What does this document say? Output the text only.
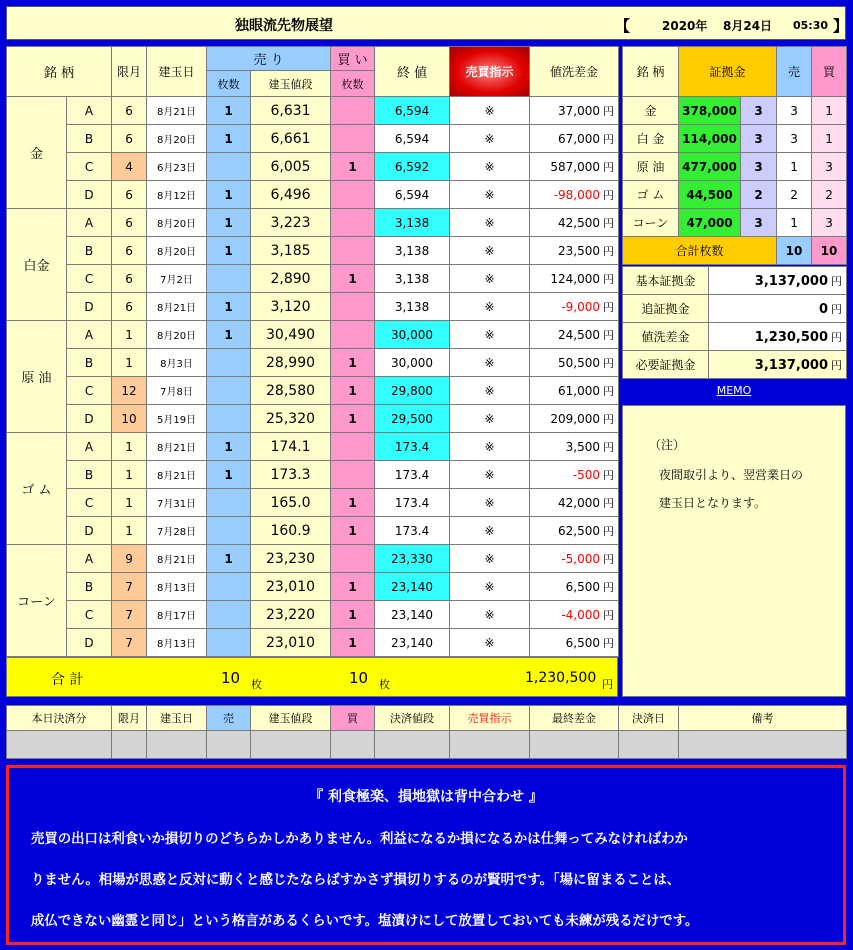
独眼流先物展望	【	2020年 8月24日 05:30 】
銘 柄		限月	建玉日	売 り		買 い	終 値	売買指示	値洗差金
				枚数	建玉値段	枚数			
金	A	6	8月21日	1	6,631		6,594	※	37,000 円
	B	6	8月20日	1	6,661		6,594	※	67,000 円
	C	4	6月23日		6,005	1	6,592	※	587,000 円
	D	6	8月12日	1	6,496		6,594	※	-98,000 円
白金	A	6	8月20日	1	3,223		3,138	※	42,500 円
	B	6	8月20日	1	3,185		3,138	※	23,500 円
	C	6	7月2日		2,890	1	3,138	※	124,000 円
	D	6	8月21日	1	3,120		3,138	※	-9,000 円
原 油	A	1	8月20日	1	30,490		30,000	※	24,500 円
	B	1	8月3日		28,990	1	30,000	※	50,500 円
	C	12	7月8日		28,580	1	29,800	※	61,000 円
	D	10	5月19日		25,320	1	29,500	※	209,000 円
ゴ ム	A	1	8月21日	1	174.1		173.4	※	3,500 円
	B	1	8月21日	1	173.3		173.4	※	-500 円
	C	1	7月31日		165.0	1	173.4	※	42,000 円
	D	1	7月28日		160.9	1	173.4	※	62,500 円
コーン	A	9	8月21日	1	23,230		23,330	※	-5,000 円
	B	7	8月13日		23,010	1	23,140	※	6,500 円
	C	7	8月17日		23,220	1	23,140	※	-4,000 円
	D	7	8月13日		23,010	1	23,140	※	6,500 円
合 計	10 枚	10 枚	1,230,500 円
銘 柄	証拠金		売	買
金	378,000	3	3	1
白 金	114,000	3	3	1
原 油	477,000	3	1	3
ゴ ム	44,500	2	2	2
コーン	47,000	3	1	3
合計枚数			10	10
基本証拠金	3,137,000 円
追証拠金	0 円
値洗差金	1,230,500 円
必要証拠金	3,137,000 円
MEMO
（注）
夜間取引より、翌営業日の
建玉日となります。
本日決済分	限月	建玉日	売	建玉値段	買	決済値段	売買指示	最終差金	決済日	備考

『 利食極楽、損地獄は背中合わせ 』
売買の出口は利食いか損切りのどちらかしかありません。利益になるか損になるかは仕舞ってみなければわか
りません。相場が思惑と反対に動くと感じたならばすかさず損切りするのが賢明です。「場に留まることは、
成仏できない幽霊と同じ」という格言があるくらいです。塩漬けにして放置しておいても未練が残るだけです。
